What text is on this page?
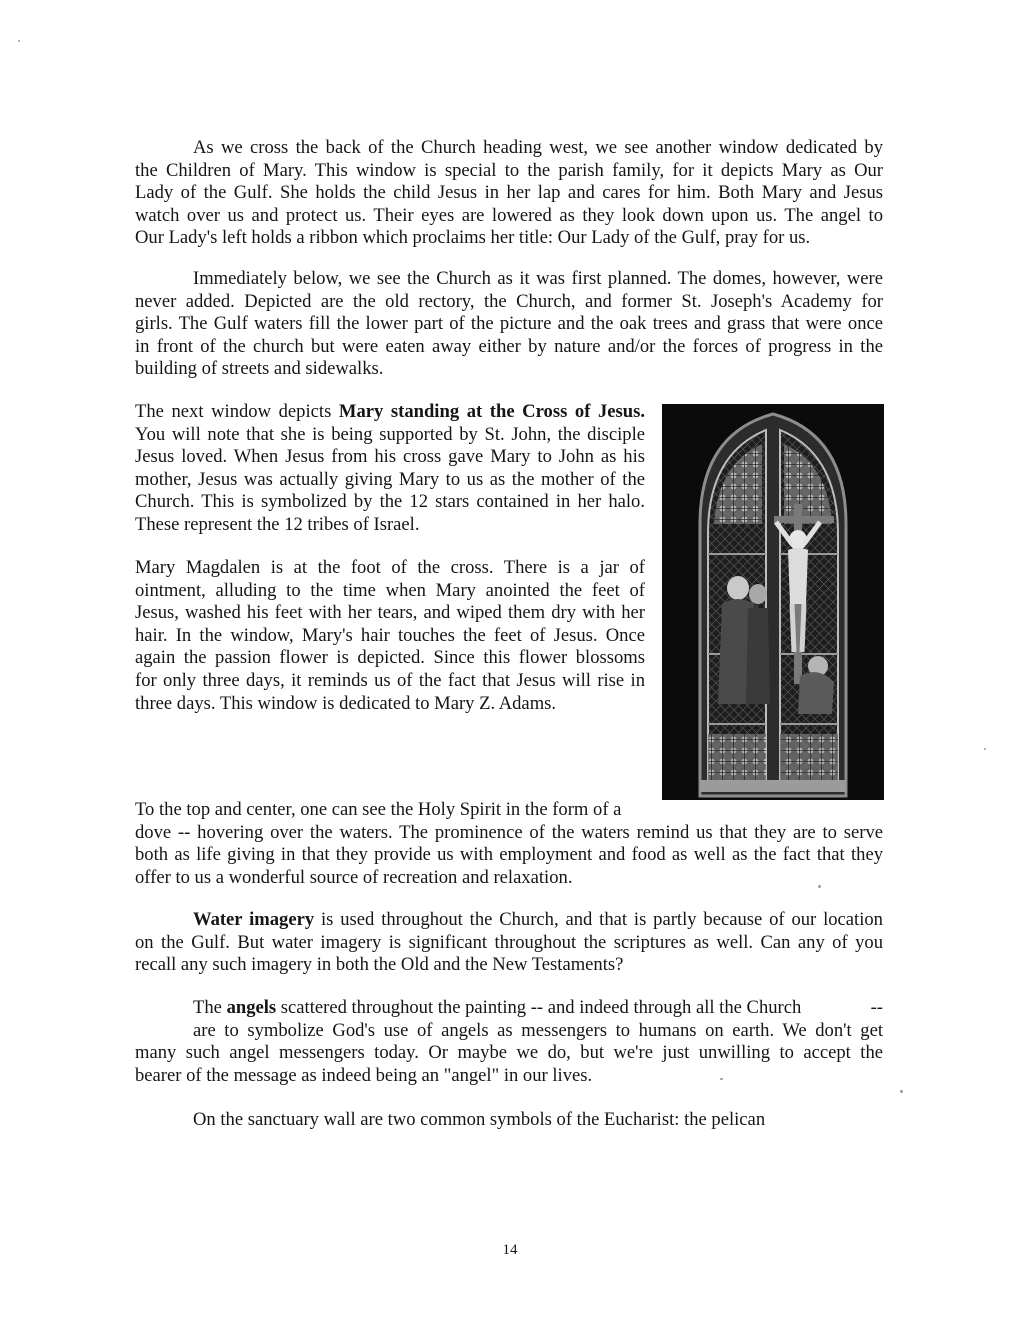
As we cross the back of the Church heading west, we see another window dedicated by
the Children of Mary. This window is special to the parish family, for it depicts Mary as Our
Lady of the Gulf. She holds the child Jesus in her lap and cares for him. Both Mary and Jesus
watch over us and protect us. Their eyes are lowered as they look down upon us. The angel to
Our Lady's left holds a ribbon which proclaims her title: Our Lady of the Gulf, pray for us.
Immediately below, we see the Church as it was first planned. The domes, however, were
never added. Depicted are the old rectory, the Church, and former St. Joseph's Academy for
girls. The Gulf waters fill the lower part of the picture and the oak trees and grass that were once
in front of the church but were eaten away either by nature and/or the forces of progress in the
building of streets and sidewalks.
The next window depicts Mary standing at the Cross of Jesus.
You will note that she is being supported by St. John, the disciple
Jesus loved. When Jesus from his cross gave Mary to John as his
mother, Jesus was actually giving Mary to us as the mother of the
Church. This is symbolized by the 12 stars contained in her halo.
These represent the 12 tribes of Israel.
Mary Magdalen is at the foot of the cross. There is a jar of
ointment, alluding to the time when Mary anointed the feet of
Jesus, washed his feet with her tears, and wiped them dry with her
hair. In the window, Mary's hair touches the feet of Jesus. Once
again the passion flower is depicted. Since this flower blossoms
for only three days, it reminds us of the fact that Jesus will rise in
three days. This window is dedicated to Mary Z. Adams.
To the top and center, one can see the Holy Spirit in the form of a
dove -- hovering over the waters. The prominence of the waters remind us that they are to serve
both as life giving in that they provide us with employment and food as well as the fact that they
offer to us a wonderful source of recreation and relaxation.
Water imagery is used throughout the Church, and that is partly because of our location
on the Gulf. But water imagery is significant throughout the scriptures as well. Can any of you
recall any such imagery in both the Old and the New Testaments?
The angels scattered throughout the painting -- and indeed through all the Church	--
are to symbolize God's use of angels as messengers to humans on earth. We don't get
many such angel messengers today. Or maybe we do, but we're just unwilling to accept the
bearer of the message as indeed being an "angel" in our lives.
On the sanctuary wall are two common symbols of the Eucharist: the pelican
14
